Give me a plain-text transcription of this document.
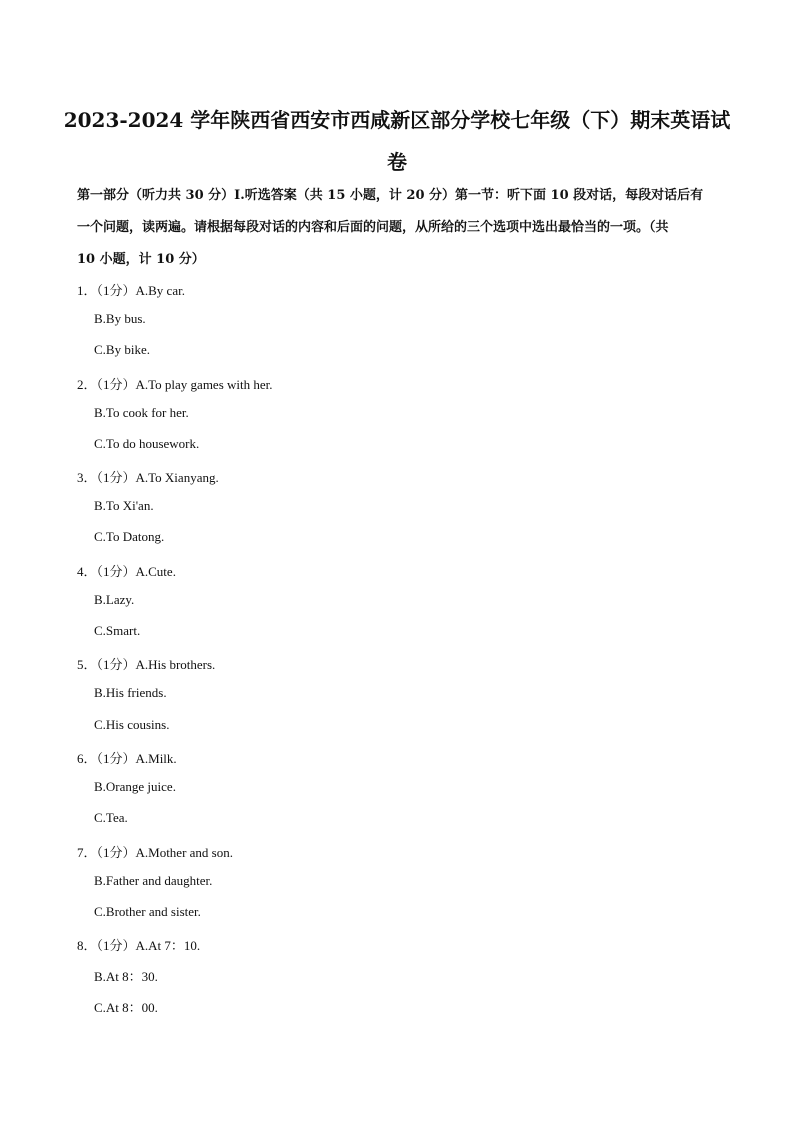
2023-2024 学年陕西省西安市西咸新区部分学校七年级（下）期末英语试
卷
第一部分（听力共 30 分）I.听选答案（共 15 小题，计 20 分）第一节：听下面 10 段对话，每段对话后有
一个问题，读两遍。请根据每段对话的内容和后面的问题，从所给的三个选项中选出最恰当的一项。（共
10 小题，计 10 分）
1．（1分）A.By car.
B.By bus.
C.By bike.
2．（1分）A.To play games with her.
B.To cook for her.
C.To do housework.
3．（1分）A.To Xianyang.
B.To Xi'an.
C.To Datong.
4．（1分）A.Cute.
B.Lazy.
C.Smart.
5．（1分）A.His brothers.
B.His friends.
C.His cousins.
6．（1分）A.Milk.
B.Orange juice.
C.Tea.
7．（1分）A.Mother and son.
B.Father and daughter.
C.Brother and sister.
8．（1分）A.At 7：10.
B.At 8：30.
C.At 8：00.
